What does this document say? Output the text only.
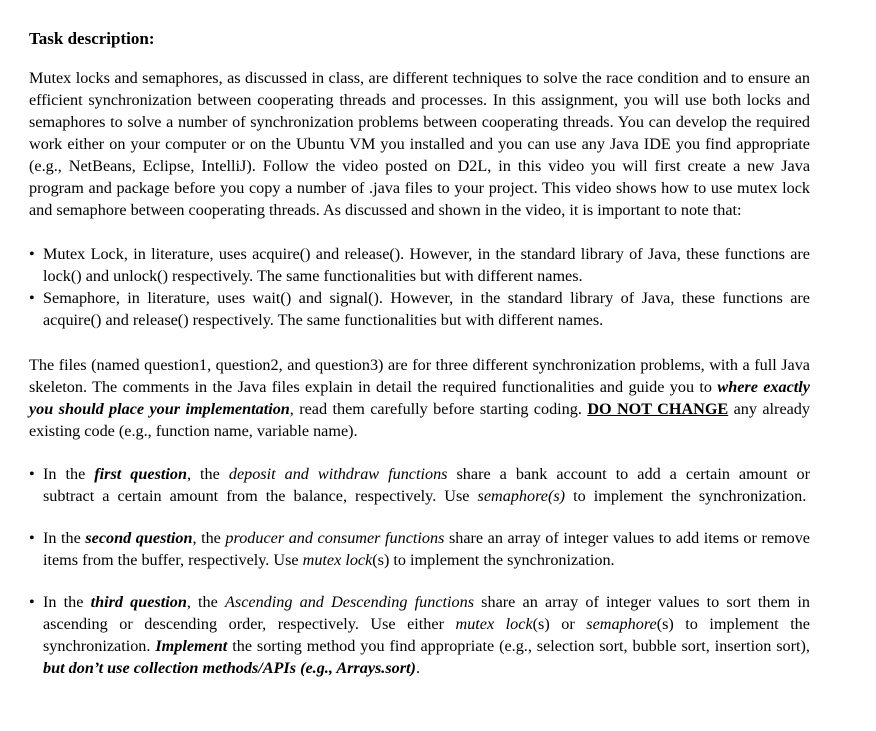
Task description:

Mutex locks and semaphores, as discussed in class, are different techniques to solve the race condition and to ensure an efficient synchronization between cooperating threads and processes. In this assignment, you will use both locks and semaphores to solve a number of synchronization problems between cooperating threads. You can develop the required work either on your computer or on the Ubuntu VM you installed and you can use any Java IDE you find appropriate (e.g., NetBeans, Eclipse, IntelliJ). Follow the video posted on D2L, in this video you will first create a new Java program and package before you copy a number of .java files to your project. This video shows how to use mutex lock and semaphore between cooperating threads. As discussed and shown in the video, it is important to note that:

• Mutex Lock, in literature, uses acquire() and release(). However, in the standard library of Java, these functions are lock() and unlock() respectively. The same functionalities but with different names.
• Semaphore, in literature, uses wait() and signal(). However, in the standard library of Java, these functions are acquire() and release() respectively. The same functionalities but with different names.

The files (named question1, question2, and question3) are for three different synchronization problems, with a full Java skeleton. The comments in the Java files explain in detail the required functionalities and guide you to where exactly you should place your implementation, read them carefully before starting coding. DO NOT CHANGE any already existing code (e.g., function name, variable name).

• In the first question, the deposit and withdraw functions share a bank account to add a certain amount or subtract a certain amount from the balance, respectively. Use semaphore(s) to implement the synchronization.
• In the second question, the producer and consumer functions share an array of integer values to add items or remove items from the buffer, respectively. Use mutex lock(s) to implement the synchronization.
• In the third question, the Ascending and Descending functions share an array of integer values to sort them in ascending or descending order, respectively. Use either mutex lock(s) or semaphore(s) to implement the synchronization. Implement the sorting method you find appropriate (e.g., selection sort, bubble sort, insertion sort), but don’t use collection methods/APIs (e.g., Arrays.sort).
